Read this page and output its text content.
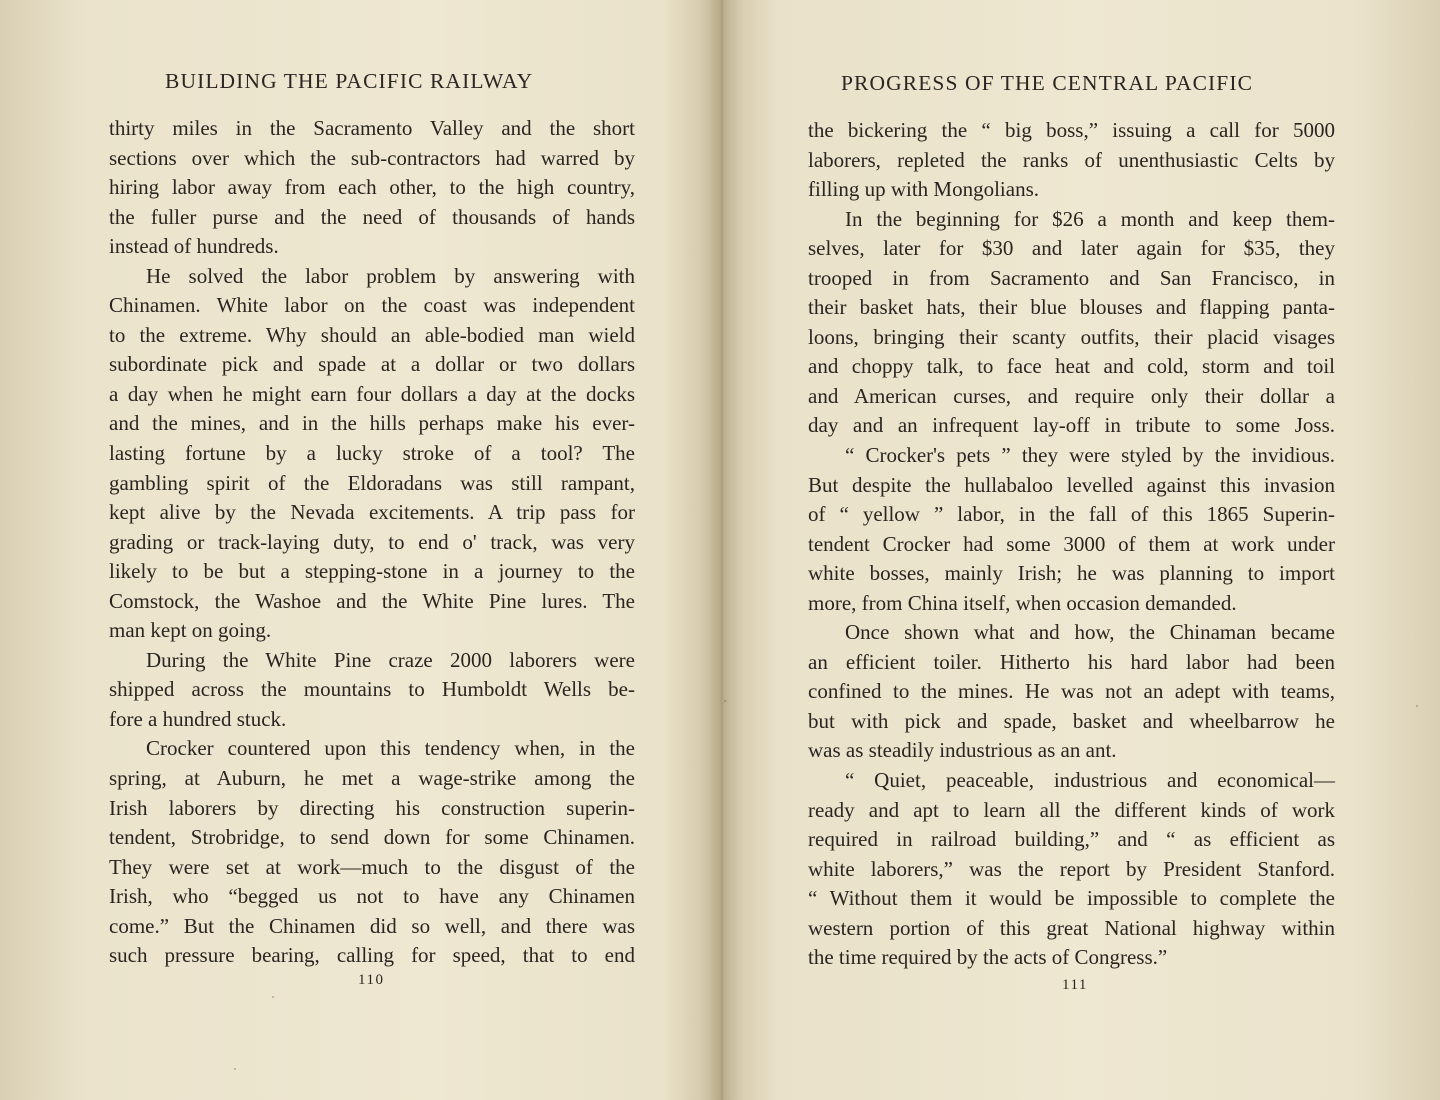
BUILDING THE PACIFIC RAILWAY
thirty miles in the Sacramento Valley and the short
sections over which the sub-contractors had warred by
hiring labor away from each other, to the high country,
the fuller purse and the need of thousands of hands
instead of hundreds.
He solved the labor problem by answering with
Chinamen. White labor on the coast was independent
to the extreme. Why should an able-bodied man wield
subordinate pick and spade at a dollar or two dollars
a day when he might earn four dollars a day at the docks
and the mines, and in the hills perhaps make his ever-
lasting fortune by a lucky stroke of a tool? The
gambling spirit of the Eldoradans was still rampant,
kept alive by the Nevada excitements. A trip pass for
grading or track-laying duty, to end o' track, was very
likely to be but a stepping-stone in a journey to the
Comstock, the Washoe and the White Pine lures. The
man kept on going.
During the White Pine craze 2000 laborers were
shipped across the mountains to Humboldt Wells be-
fore a hundred stuck.
Crocker countered upon this tendency when, in the
spring, at Auburn, he met a wage-strike among the
Irish laborers by directing his construction superin-
tendent, Strobridge, to send down for some Chinamen.
They were set at work—much to the disgust of the
Irish, who “begged us not to have any Chinamen
come.” But the Chinamen did so well, and there was
such pressure bearing, calling for speed, that to end
110
PROGRESS OF THE CENTRAL PACIFIC
the bickering the “ big boss,” issuing a call for 5000
laborers, repleted the ranks of unenthusiastic Celts by
filling up with Mongolians.
In the beginning for $26 a month and keep them-
selves, later for $30 and later again for $35, they
trooped in from Sacramento and San Francisco, in
their basket hats, their blue blouses and flapping panta-
loons, bringing their scanty outfits, their placid visages
and choppy talk, to face heat and cold, storm and toil
and American curses, and require only their dollar a
day and an infrequent lay-off in tribute to some Joss.
“ Crocker's pets ” they were styled by the invidious.
But despite the hullabaloo levelled against this invasion
of “ yellow ” labor, in the fall of this 1865 Superin-
tendent Crocker had some 3000 of them at work under
white bosses, mainly Irish; he was planning to import
more, from China itself, when occasion demanded.
Once shown what and how, the Chinaman became
an efficient toiler. Hitherto his hard labor had been
confined to the mines. He was not an adept with teams,
but with pick and spade, basket and wheelbarrow he
was as steadily industrious as an ant.
“ Quiet, peaceable, industrious and economical—
ready and apt to learn all the different kinds of work
required in railroad building,” and “ as efficient as
white laborers,” was the report by President Stanford.
“ Without them it would be impossible to complete the
western portion of this great National highway within
the time required by the acts of Congress.”
111
